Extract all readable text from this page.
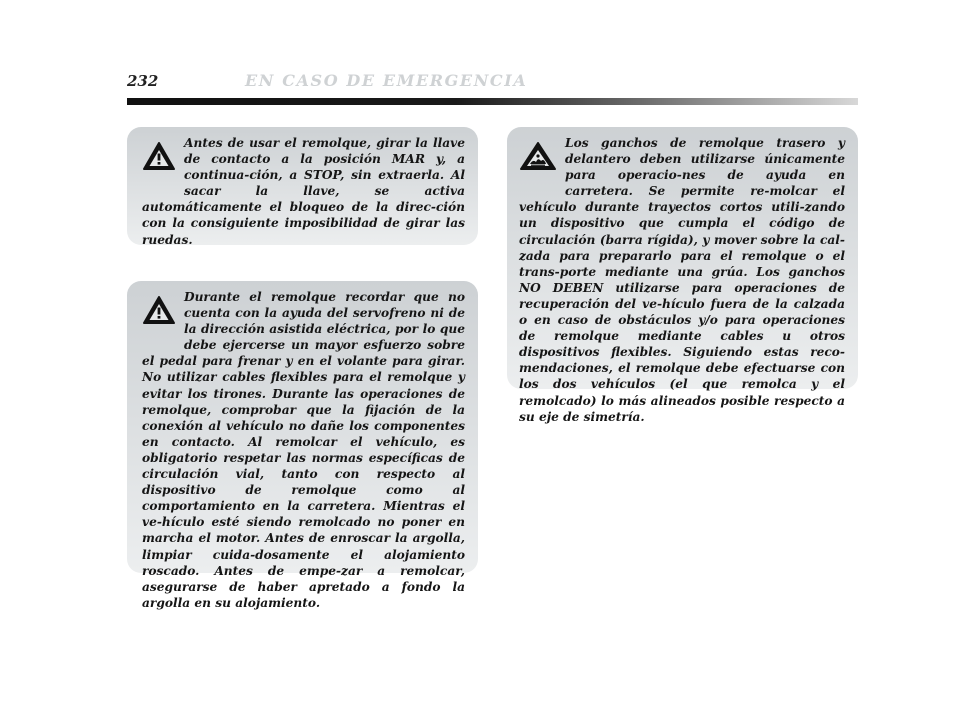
232	EN CASO DE EMERGENCIA

Antes de usar el remolque, girar la llave de contacto a la posición MAR y, a continua-ción, a STOP, sin extraerla. Al sacar la llave, se activa automáticamente el bloqueo de la direc-ción con la consiguiente imposibilidad de girar las ruedas.

Durante el remolque recordar que no cuenta con la ayuda del servofreno ni de la dirección asistida eléctrica, por lo que debe ejercerse un mayor esfuerzo sobre el pedal para frenar y en el volante para girar. No utilizar cables flexibles para el remolque y evitar los tirones. Durante las operaciones de remolque, comprobar que la fijación de la conexión al vehículo no dañe los componentes en contacto. Al remolcar el vehículo, es obligatorio respetar las normas específicas de circulación vial, tanto con respecto al dispositivo de remolque como al comportamiento en la carretera. Mientras el ve-hículo esté siendo remolcado no poner en marcha el motor. Antes de enroscar la argolla, limpiar cuida-dosamente el alojamiento roscado. Antes de empe-zar a remolcar, asegurarse de haber apretado a fondo la argolla en su alojamiento.

Los ganchos de remolque trasero y delantero deben utilizarse únicamente para operacio-nes de ayuda en carretera. Se permite re-molcar el vehículo durante trayectos cortos utili-zando un dispositivo que cumpla el código de circulación (barra rígida), y mover sobre la cal-zada para prepararlo para el remolque o el trans-porte mediante una grúa. Los ganchos NO DEBEN utilizarse para operaciones de recuperación del ve-hículo fuera de la calzada o en caso de obstáculos y/o para operaciones de remolque mediante cables u otros dispositivos flexibles. Siguiendo estas reco-mendaciones, el remolque debe efectuarse con los dos vehículos (el que remolca y el remolcado) lo más alineados posible respecto a su eje de simetría.
